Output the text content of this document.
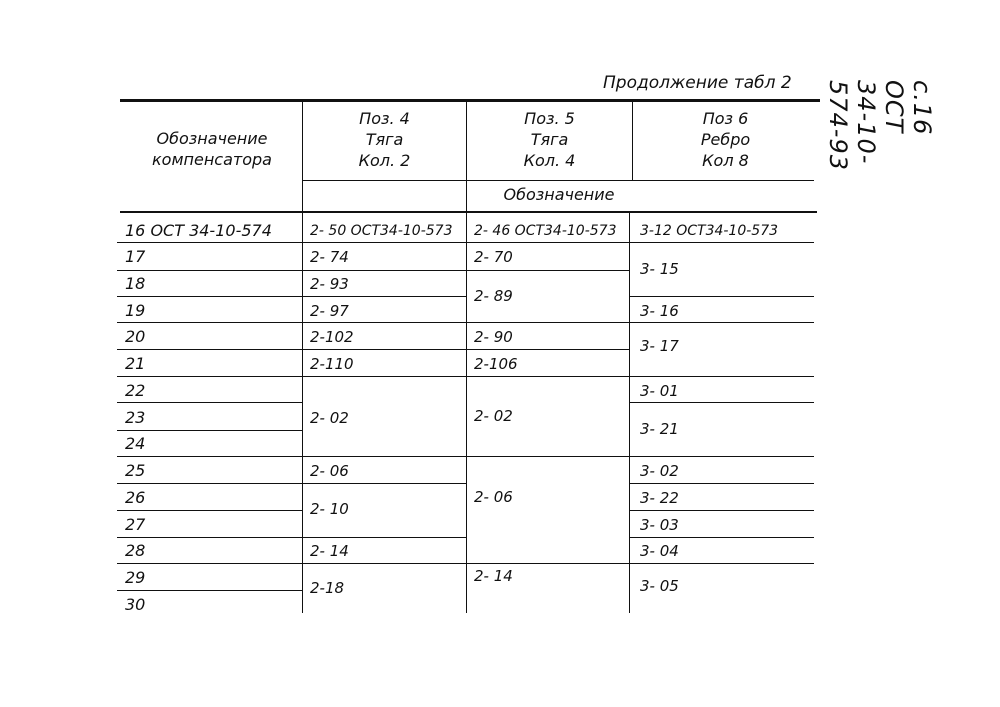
Продолжение табл 2	с.16 ОСТ 34-10-574-93
Обозначение
компенсатора
Поз. 4
Тяга
Кол. 2
Поз. 5
Тяга
Кол. 4
Поз 6
Ребро
Кол 8
Обозначение
16 ОСТ 34-10-574	2- 50 ОСТ34-10-573 2- 46 ОСТ34-10-573 3-12 ОСТ34-10-573
17
18
19
20
21
22
23
24
25
26
27
28
29
30
2- 74
2- 93
2- 97
2-102
2-110
2- 02
2- 06
2- 10
2- 14
2-18
2- 70
2- 89
2- 90
2-106
2- 02
2- 06
2- 14
3- 15
3- 16
3- 17
3- 01
3- 21
3- 02
3- 22
3- 03
3- 04
3- 05
